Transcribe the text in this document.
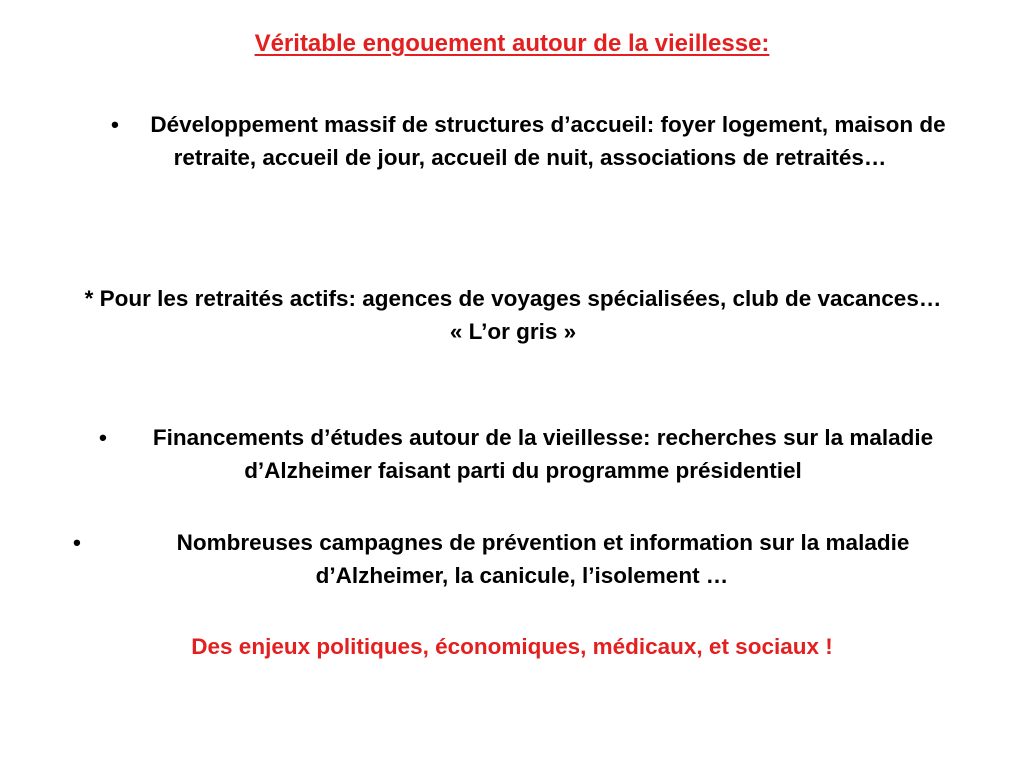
Véritable engouement autour de la vieillesse:
•	Développement massif de structures d’accueil: foyer logement, maison de retraite, accueil de jour, accueil de nuit, associations de retraités…
* Pour les retraités actifs: agences de voyages spécialisées, club de vacances… « L’or gris »
•	Financements d’études autour de la vieillesse: recherches sur la maladie d’Alzheimer faisant parti du programme présidentiel
•	Nombreuses campagnes de prévention et information sur la maladie d’Alzheimer, la canicule, l’isolement …
Des enjeux politiques, économiques, médicaux, et sociaux !
